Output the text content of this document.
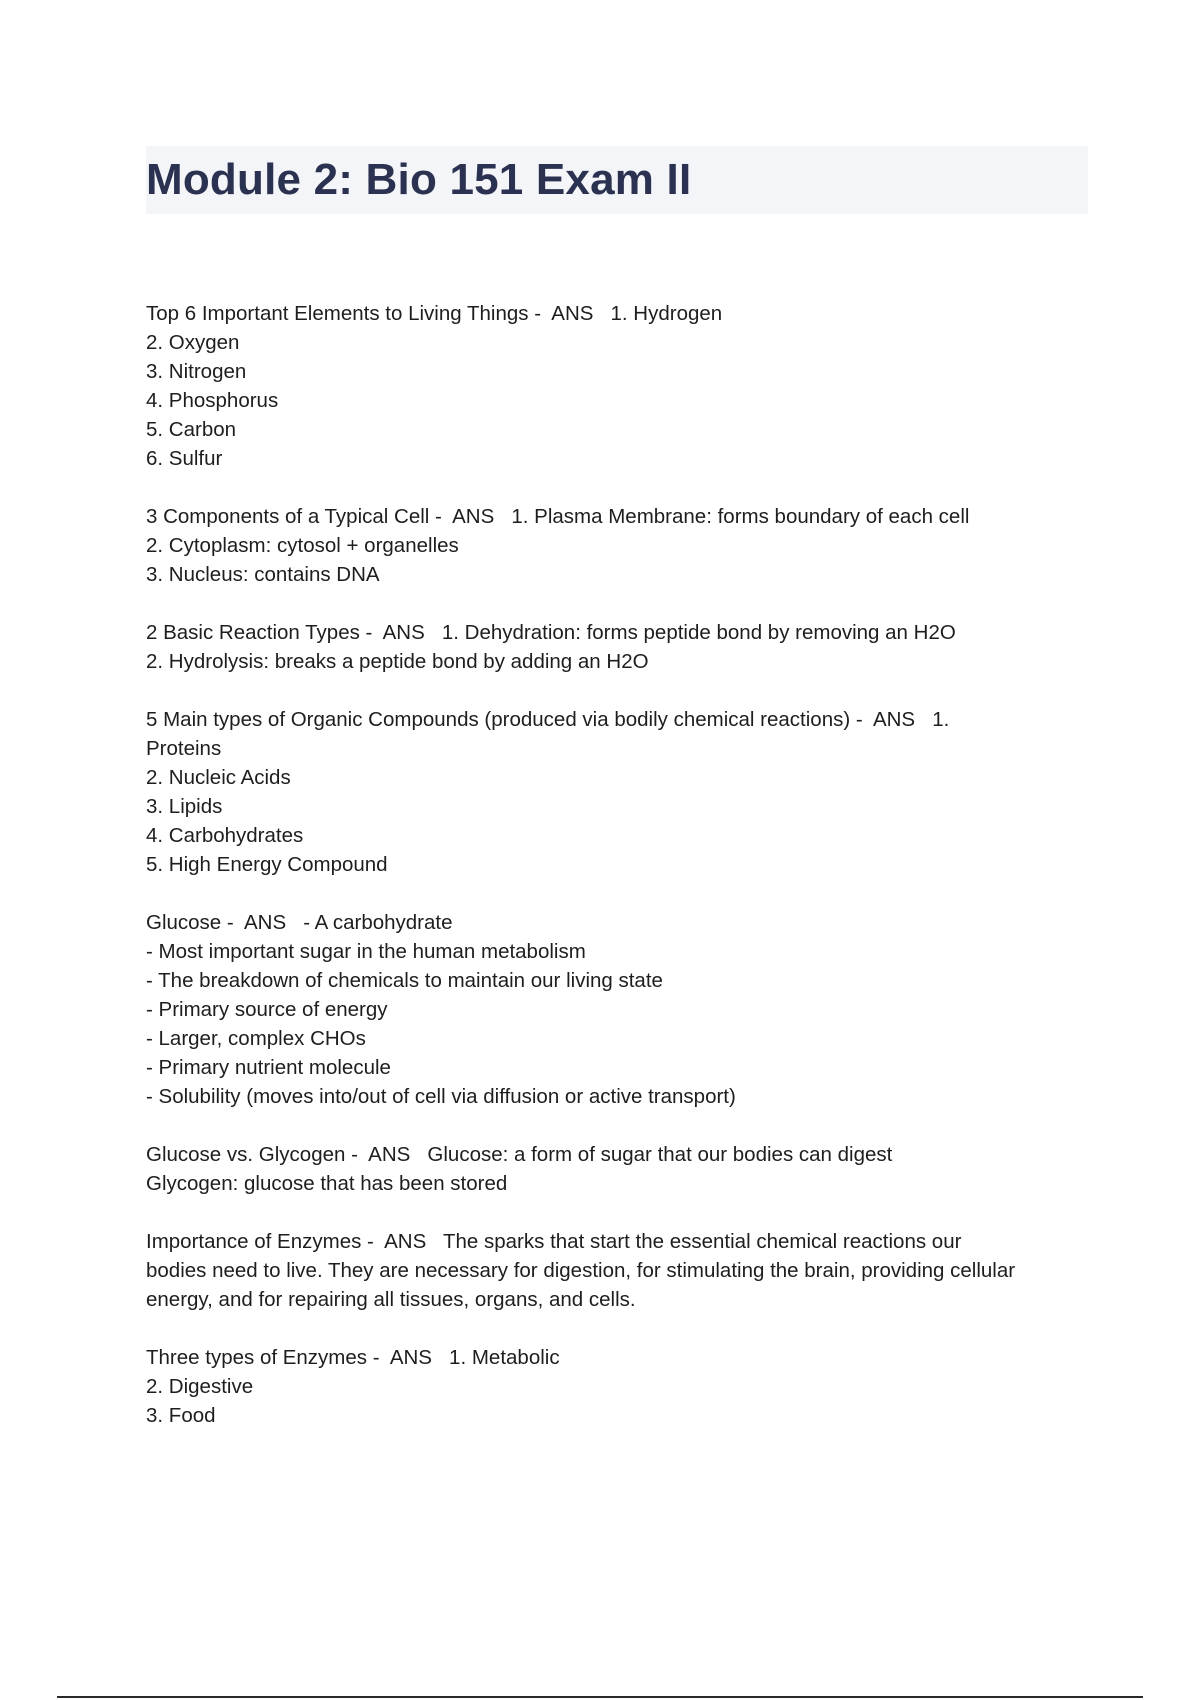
Module 2: Bio 151 Exam II
Top 6 Important Elements to Living Things -  ANS   1. Hydrogen
2. Oxygen
3. Nitrogen
4. Phosphorus
5. Carbon
6. Sulfur
3 Components of a Typical Cell -  ANS   1. Plasma Membrane: forms boundary of each cell
2. Cytoplasm: cytosol + organelles
3. Nucleus: contains DNA
2 Basic Reaction Types -  ANS   1. Dehydration: forms peptide bond by removing an H2O
2. Hydrolysis: breaks a peptide bond by adding an H2O
5 Main types of Organic Compounds (produced via bodily chemical reactions) -  ANS   1.
Proteins
2. Nucleic Acids
3. Lipids
4. Carbohydrates
5. High Energy Compound
Glucose -  ANS   - A carbohydrate
- Most important sugar in the human metabolism
- The breakdown of chemicals to maintain our living state
- Primary source of energy
- Larger, complex CHOs
- Primary nutrient molecule
- Solubility (moves into/out of cell via diffusion or active transport)
Glucose vs. Glycogen -  ANS   Glucose: a form of sugar that our bodies can digest
Glycogen: glucose that has been stored
Importance of Enzymes -  ANS   The sparks that start the essential chemical reactions our
bodies need to live. They are necessary for digestion, for stimulating the brain, providing cellular
energy, and for repairing all tissues, organs, and cells.
Three types of Enzymes -  ANS   1. Metabolic
2. Digestive
3. Food
